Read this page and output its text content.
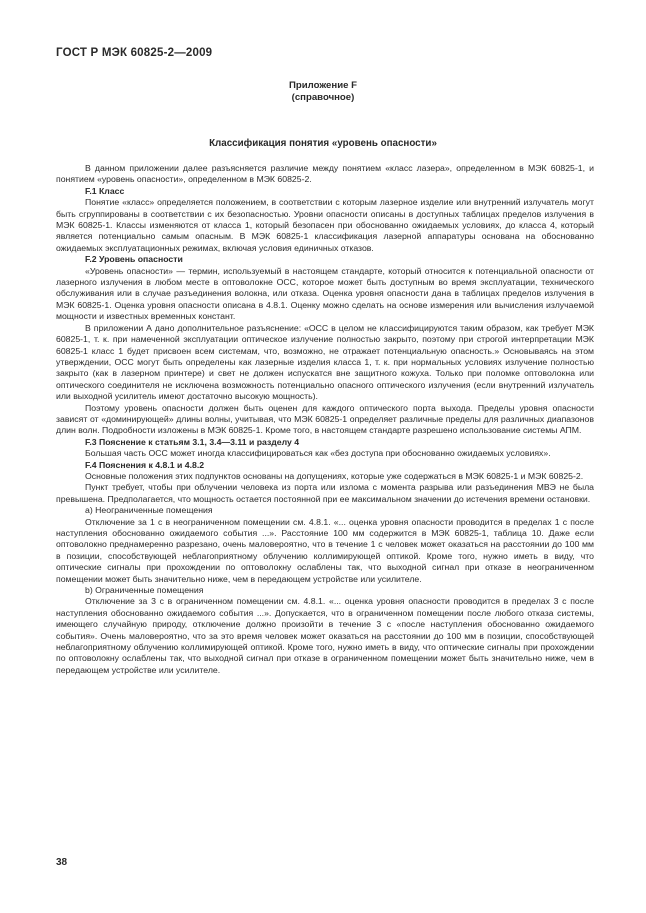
ГОСТ Р МЭК 60825-2—2009
Приложение F
(справочное)
Классификация понятия «уровень опасности»

В данном приложении далее разъясняется различие между понятием «класс лазера», определенном в МЭК 60825-1, и понятием «уровень опасности», определенном в МЭК 60825-2.

F.1 Класс

Понятие «класс» определяется положением, в соответствии с которым лазерное изделие или внутренний излучатель могут быть сгруппированы в соответствии с их безопасностью. Уровни опасности описаны в доступных таблицах пределов излучения в МЭК 60825-1. Классы изменяются от класса 1, который безопасен при обоснованно ожидаемых условиях, до класса 4, который является потенциально самым опасным. В МЭК 60825-1 классификация лазерной аппаратуры основана на обоснованно ожидаемых эксплуатационных режимах, включая условия единичных отказов.

F.2 Уровень опасности

«Уровень опасности» — термин, используемый в настоящем стандарте, который относится к потенциальной опасности от лазерного излучения в любом месте в оптоволокне ОСС, которое может быть доступным во время эксплуатации, технического обслуживания или в случае разъединения волокна, или отказа. Оценка уровня опасности дана в таблицах пределов излучения в МЭК 60825-1. Оценка уровня опасности описана в 4.8.1. Оценку можно сделать на основе измерения или вычисления излучаемой мощности и известных временных констант.

В приложении А дано дополнительное разъяснение: «ОСС в целом не классифицируются таким образом, как требует МЭК 60825-1, т. к. при намеченной эксплуатации оптическое излучение полностью закрыто, поэтому при строгой интерпретации МЭК 60825-1 класс 1 будет присвоен всем системам, что, возможно, не отражает потенциальную опасность.» Основываясь на этом утверждении, ОСС могут быть определены как лазерные изделия класса 1, т. к. при нормальных условиях излучение полностью закрыто (как в лазерном принтере) и свет не должен испускатся вне защитного кожуха. Только при поломке оптоволокна или оптического соединителя не исключена возможность потенциально опасного оптического излучения (если внутренний излучатель или выходной усилитель имеют достаточно высокую мощность).

Поэтому уровень опасности должен быть оценен для каждого оптического порта выхода. Пределы уровня опасности зависят от «доминирующей» длины волны, учитывая, что МЭК 60825-1 определяет различные пределы для различных диапазонов длин волн. Подробности изложены в МЭК 60825-1. Кроме того, в настоящем стандарте разрешено использование системы АПМ.

F.3 Пояснение к статьям 3.1, 3.4—3.11 и разделу 4

Большая часть ОСС может иногда классифицироваться как «без доступа при обоснованно ожидаемых условиях».

F.4 Пояснения к 4.8.1 и 4.8.2

Основные положения этих подпунктов основаны на допущениях, которые уже содержаться в МЭК 60825-1 и МЭК 60825-2.

Пункт требует, чтобы при облучении человека из порта или излома с момента разрыва или разъединения МВЭ не была превышена. Предполагается, что мощность остается постоянной при ее максимальном значении до истечения времени остановки.

а) Неограниченные помещения

Отключение за 1 с в неограниченном помещении см. 4.8.1. «... оценка уровня опасности проводится в пределах 1 с после наступления обоснованно ожидаемого события ...». Расстояние 100 мм содержится в МЭК 60825-1, таблица 10. Даже если оптоволокно преднамеренно разрезано, очень маловероятно, что в течение 1 с человек может оказаться на расстоянии до 100 мм в позиции, способствующей неблагоприятному облучению коллимирующей оптикой. Кроме того, нужно иметь в виду, что оптические сигналы при прохождении по оптоволокну ослаблены так, что выходной сигнал при отказе в неограниченном помещении может быть значительно ниже, чем в передающем устройстве или усилителе.

b) Ограниченные помещения

Отключение за 3 с в ограниченном помещении см. 4.8.1. «... оценка уровня опасности проводится в пределах 3 с после наступления обоснованно ожидаемого события ...». Допускается, что в ограниченном помещении после любого отказа системы, имеющего случайную природу, отключение должно произойти в течение 3 с «после наступления обоснованно ожидаемого события». Очень маловероятно, что за это время человек может оказаться на расстоянии до 100 мм в позиции, способствующей неблагоприятному облучению коллимирующей оптикой. Кроме того, нужно иметь в виду, что оптические сигналы при прохождении по оптоволокну ослаблены так, что выходной сигнал при отказе в ограниченном помещении может быть значительно ниже, чем в передающем устройстве или усилителе.

38
